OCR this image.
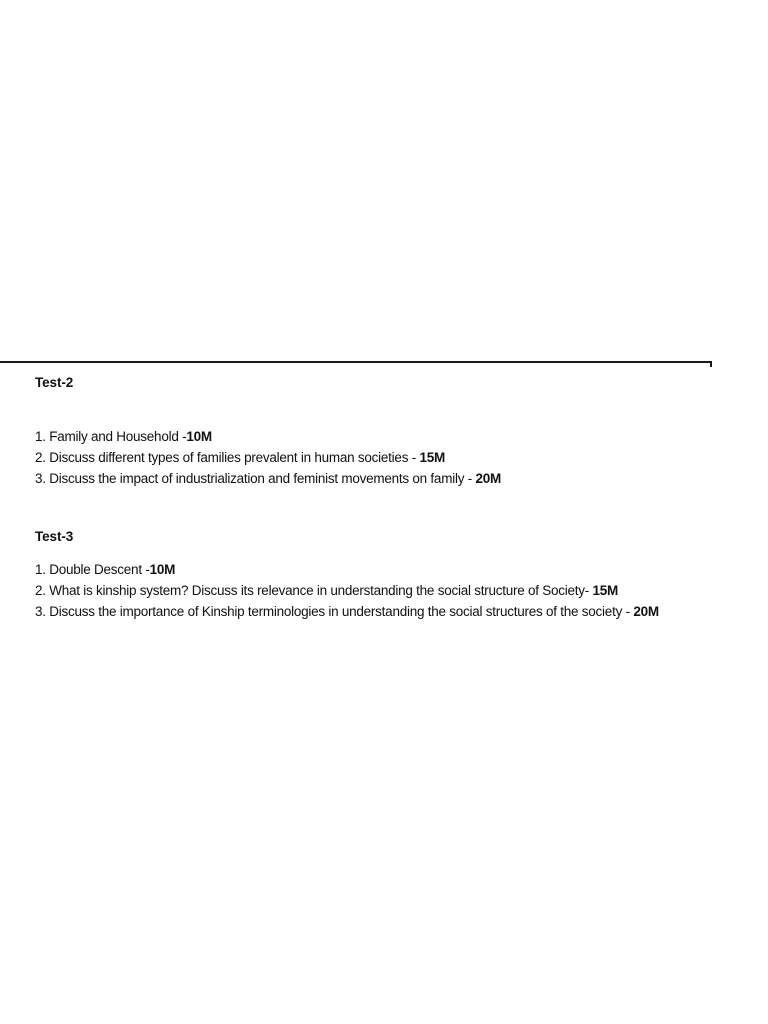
Test-2
1. Family and Household -10M
2. Discuss different types of families prevalent in human societies - 15M
3. Discuss the impact of industrialization and feminist movements on family - 20M
Test-3
1. Double Descent -10M
2. What is kinship system? Discuss its relevance in understanding the social structure of Society- 15M
3. Discuss the importance of Kinship terminologies in understanding the social structures of the society - 20M
